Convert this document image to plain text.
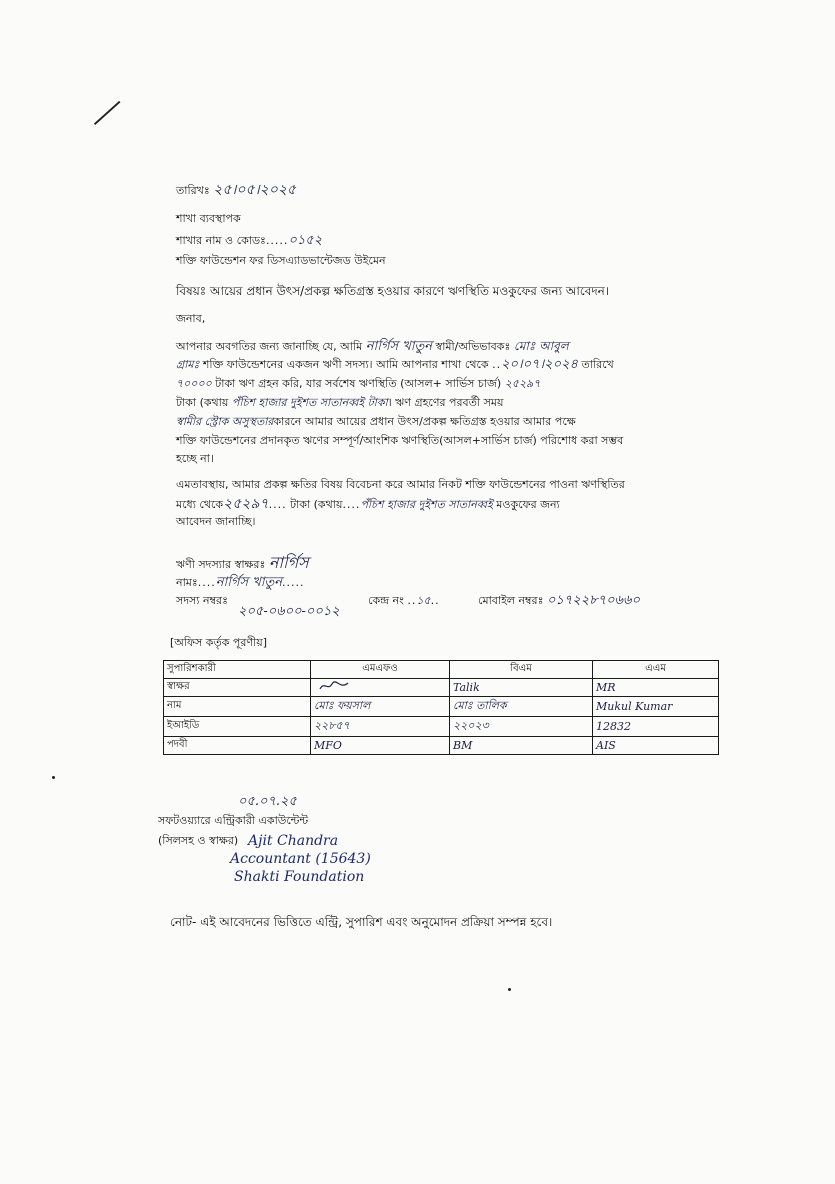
তারিখঃ ২৫।০৫।২০২৫
শাখা ব্যবস্থাপক
শাখার নাম ও কোডঃ.....০১৫২
শক্তি ফাউন্ডেশন ফর ডিসএ্যাডভান্টেজড উইমেন
বিষয়ঃ আয়ের প্রধান উৎস/প্রকল্প ক্ষতিগ্রস্ত হওয়ার কারণে ঋণস্থিতি মওকুফের জন্য আবেদন।
জনাব,
আপনার অবগতির জন্য জানাচ্ছি যে, আমি নার্গিস খাতুন স্বামী/অভিভাবকঃ মোঃ আবুল
গ্রামঃ শক্তি ফাউন্ডেশনের একজন ঋণী সদস্য। আমি আপনার শাখা থেকে ..২০।০৭।২০২৪ তারিখে
৭০০০০ টাকা ঋণ গ্রহন করি, যার সর্বশেষ ঋণস্থিতি (আসল+ সার্ভিস চার্জ) ২৫২৯৭
টাকা (কথায় পঁচিশ হাজার দুইশত সাতানব্বই টাকা। ঋণ গ্রহণের পরবর্তী সময়
স্বামীর স্ট্রোক অসুস্থতারকারনে আমার আয়ের প্রধান উৎস/প্রকল্প ক্ষতিগ্রস্ত হওয়ার আমার পক্ষে
শক্তি ফাউন্ডেশনের প্রদানকৃত ঋণের সম্পূর্ণ/আংশিক ঋণস্থিতি(আসল+সার্ভিস চার্জ) পরিশোধ করা সম্ভব
হচ্ছে না।
এমতাবস্থায়, আমার প্রকল্প ক্ষতির বিষয় বিবেচনা করে আমার নিকট শক্তি ফাউন্ডেশনের পাওনা ঋণস্থিতির
মধ্যে থেকে২৫২৯৭.... টাকা (কথায়....পঁচিশ হাজার দুইশত সাতানব্বই মওকুফের জন্য
আবেদন জানাচ্ছি।
ঋণী সদস্যার স্বাক্ষরঃ নার্গিস
নামঃ....নার্গিস খাতুন.....
সদস্য নম্বরঃ
২০৫-০৬০০-০০১২
কেন্দ্র নং ..১৫..	মোবাইল নম্বরঃ ০১৭২২৮৭০৬৬০
[অফিস কর্তৃক পূরণীয়]
সুপারিশকারী	এমএফও	বিএম	এএম
স্বাক্ষর		Talik	MR
নাম	মোঃ ফয়সাল	মোঃ তালিক	Mukul Kumar
ইআইডি	২২৮৫৭	২২০২৩	12832
পদবী	MFO	BM	AIS
০৫.০৭.২৫
সফটওয়্যারে এন্ট্রিকারী একাউন্টেন্ট
(সিলসহ ও স্বাক্ষর) Ajit Chandra
Accountant (15643)
Shakti Foundation
নোট- এই আবেদনের ভিত্তিতে এন্ট্রি, সুপারিশ এবং অনুমোদন প্রক্রিয়া সম্পন্ন হবে।
